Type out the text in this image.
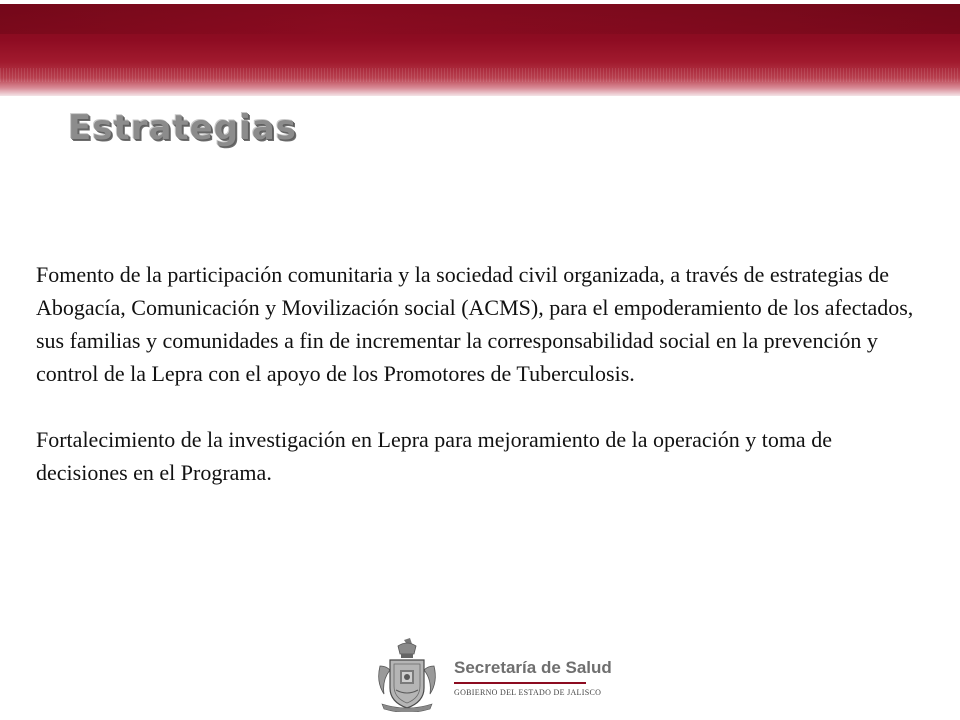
Estrategias

Fomento de la participación comunitaria y la sociedad civil organizada, a través de estrategias de Abogacía, Comunicación y Movilización social (ACMS), para el empoderamiento de los afectados, sus familias y comunidades a fin de incrementar la corresponsabilidad social en la prevención y control de la Lepra con el apoyo de los Promotores de Tuberculosis.

Fortalecimiento de la investigación en Lepra para mejoramiento de la operación y toma de decisiones en el Programa.

Secretaría de Salud
GOBIERNO DEL ESTADO DE JALISCO
